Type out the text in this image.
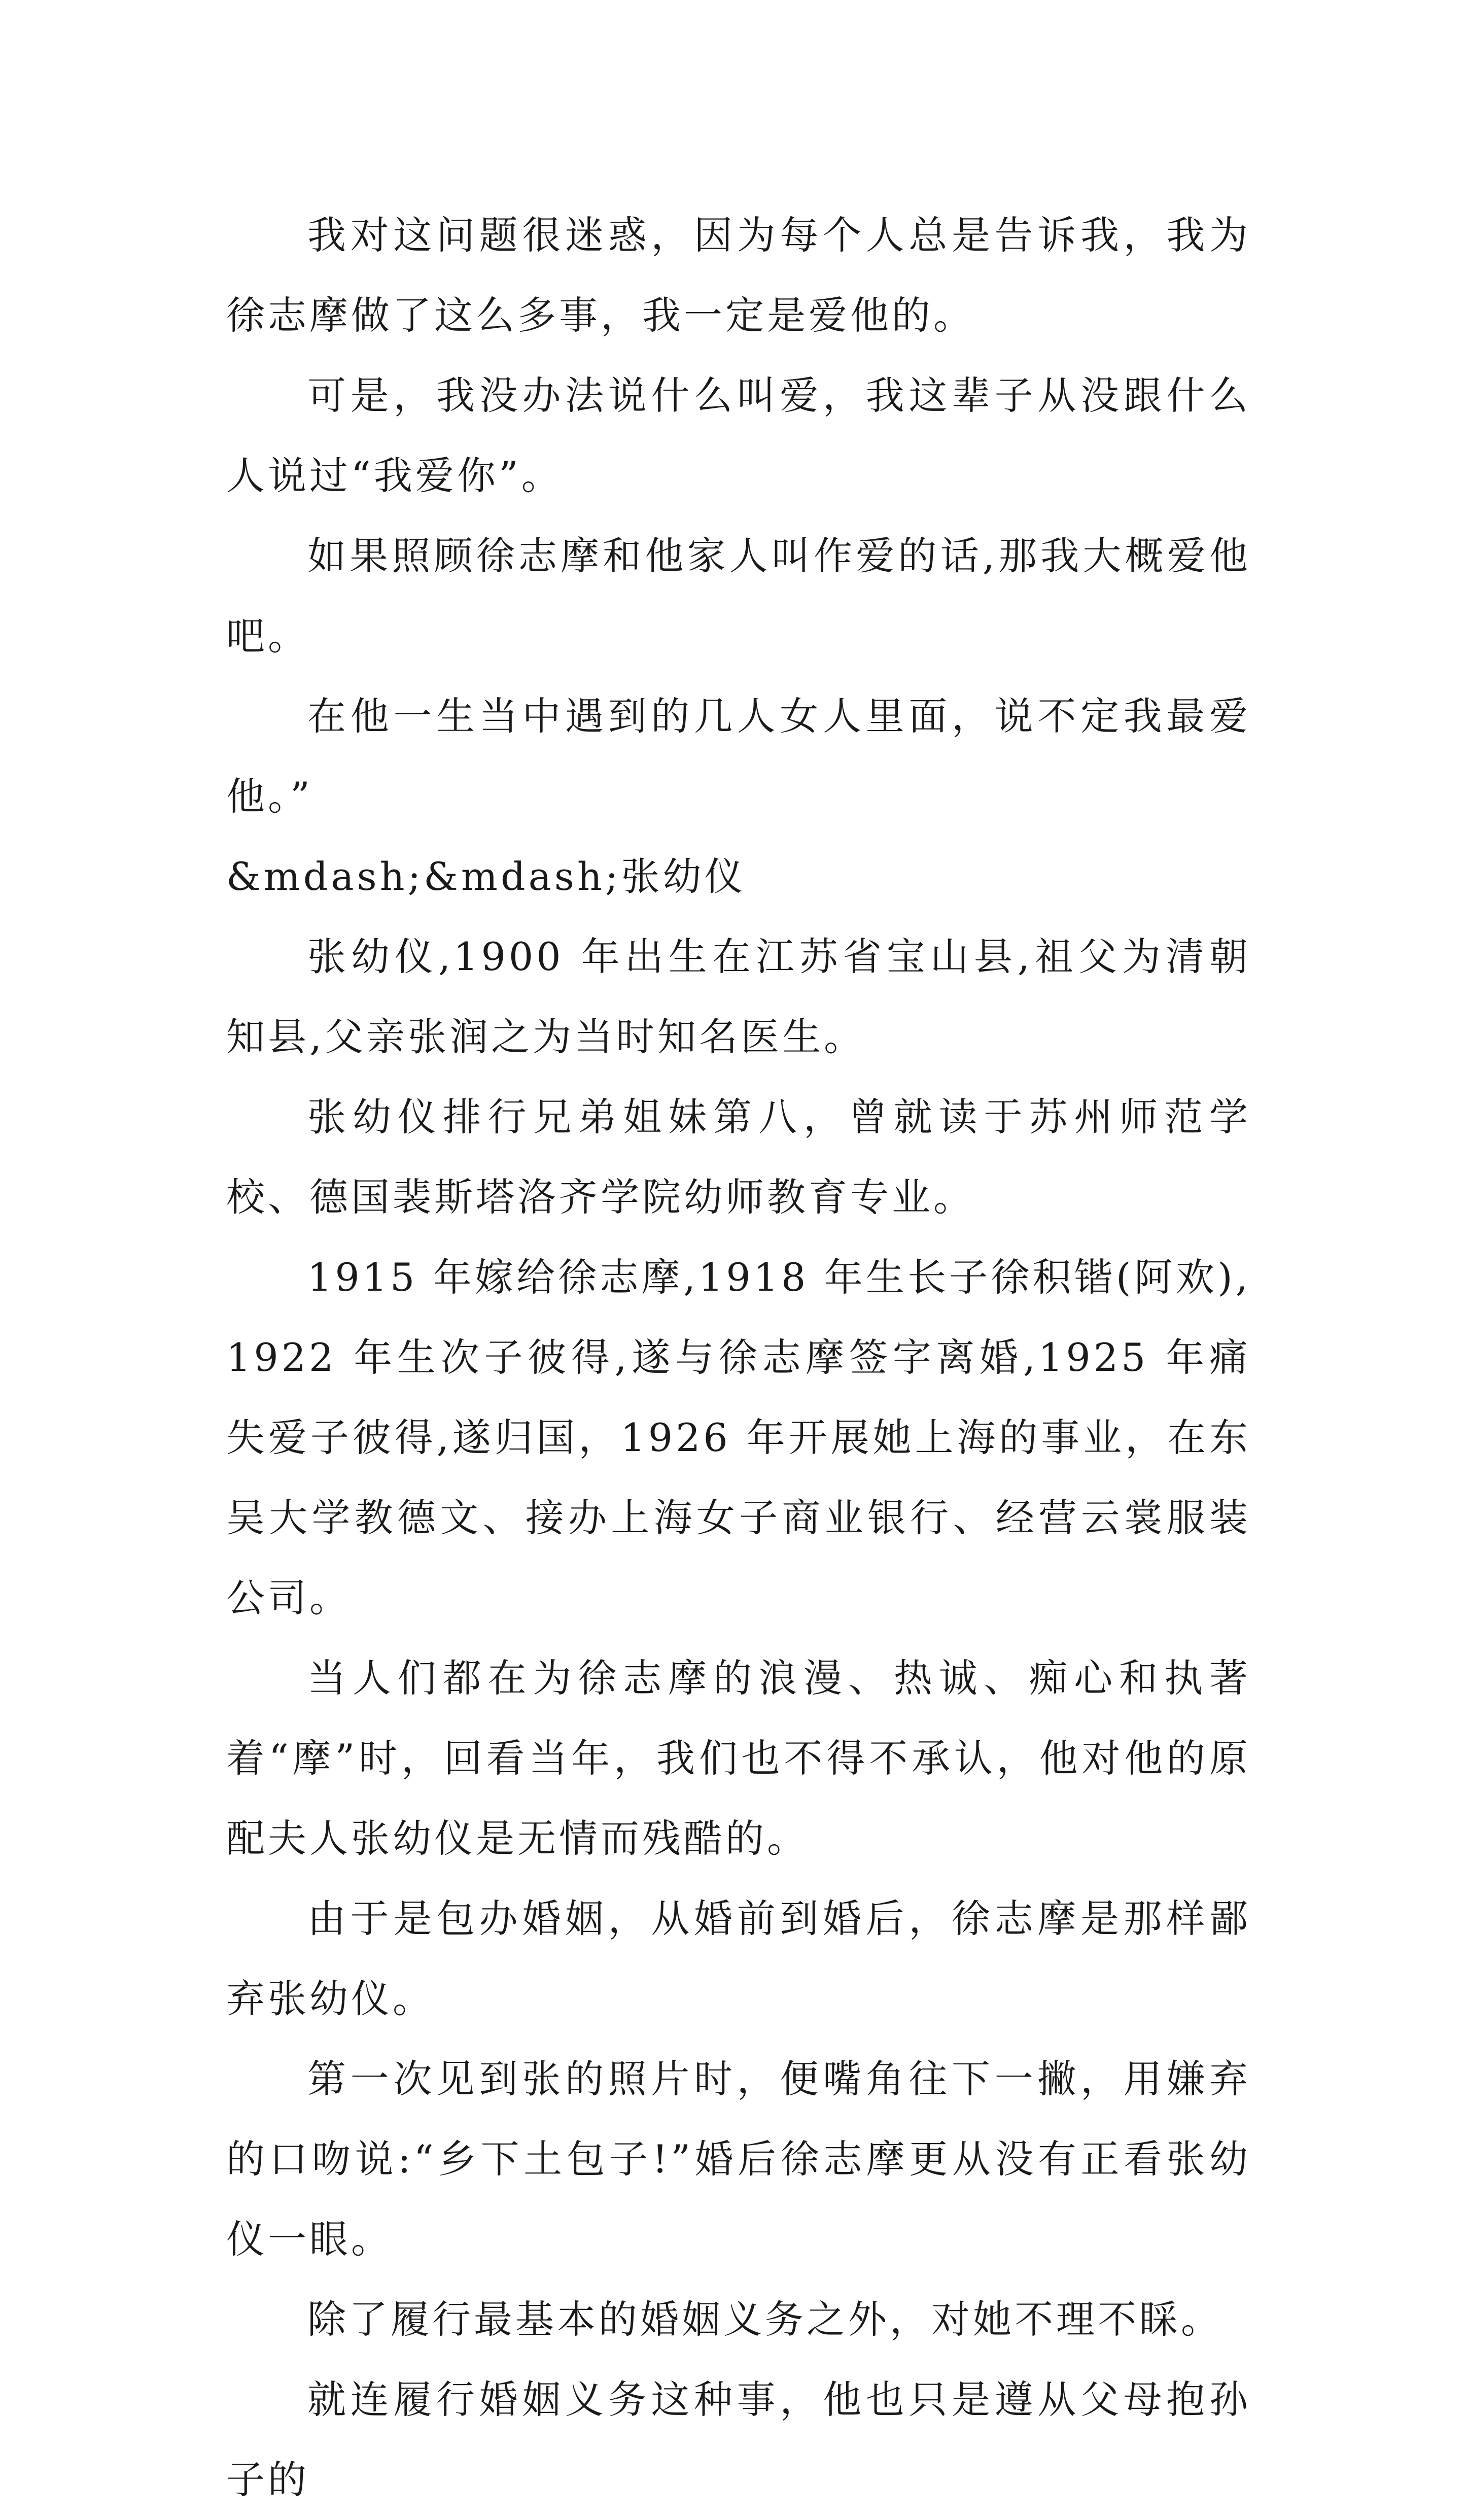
我对这问题很迷惑，因为每个人总是告诉我，我为徐志摩做了这么多事，我一定是爱他的。

可是，我没办法说什么叫爱，我这辈子从没跟什么人说过“我爱你”。

如果照顾徐志摩和他家人叫作爱的话,那我大概爱他吧。

在他一生当中遇到的几人女人里面，说不定我最爱他。”

&mdash;&mdash;张幼仪

张幼仪,1900 年出生在江苏省宝山县,祖父为清朝知县,父亲张润之为当时知名医生。

张幼仪排行兄弟姐妹第八，曾就读于苏州师范学校、德国裴斯塔洛齐学院幼师教育专业。

1915 年嫁给徐志摩,1918 年生长子徐积锴(阿欢),1922 年生次子彼得,遂与徐志摩签字离婚,1925 年痛失爱子彼得,遂归国，1926 年开展她上海的事业，在东吴大学教德文、接办上海女子商业银行、经营云裳服装公司。

当人们都在为徐志摩的浪漫、热诚、痴心和执著着“摩”时，回看当年，我们也不得不承认，他对他的原配夫人张幼仪是无情而残酷的。

由于是包办婚姻，从婚前到婚后，徐志摩是那样鄙弃张幼仪。

第一次见到张的照片时，便嘴角往下一撇，用嫌弃的口吻说:“乡下土包子!”婚后徐志摩更从没有正看张幼仪一眼。

除了履行最基本的婚姻义务之外，对她不理不睬。

就连履行婚姻义务这种事，他也只是遵从父母抱孙子的
